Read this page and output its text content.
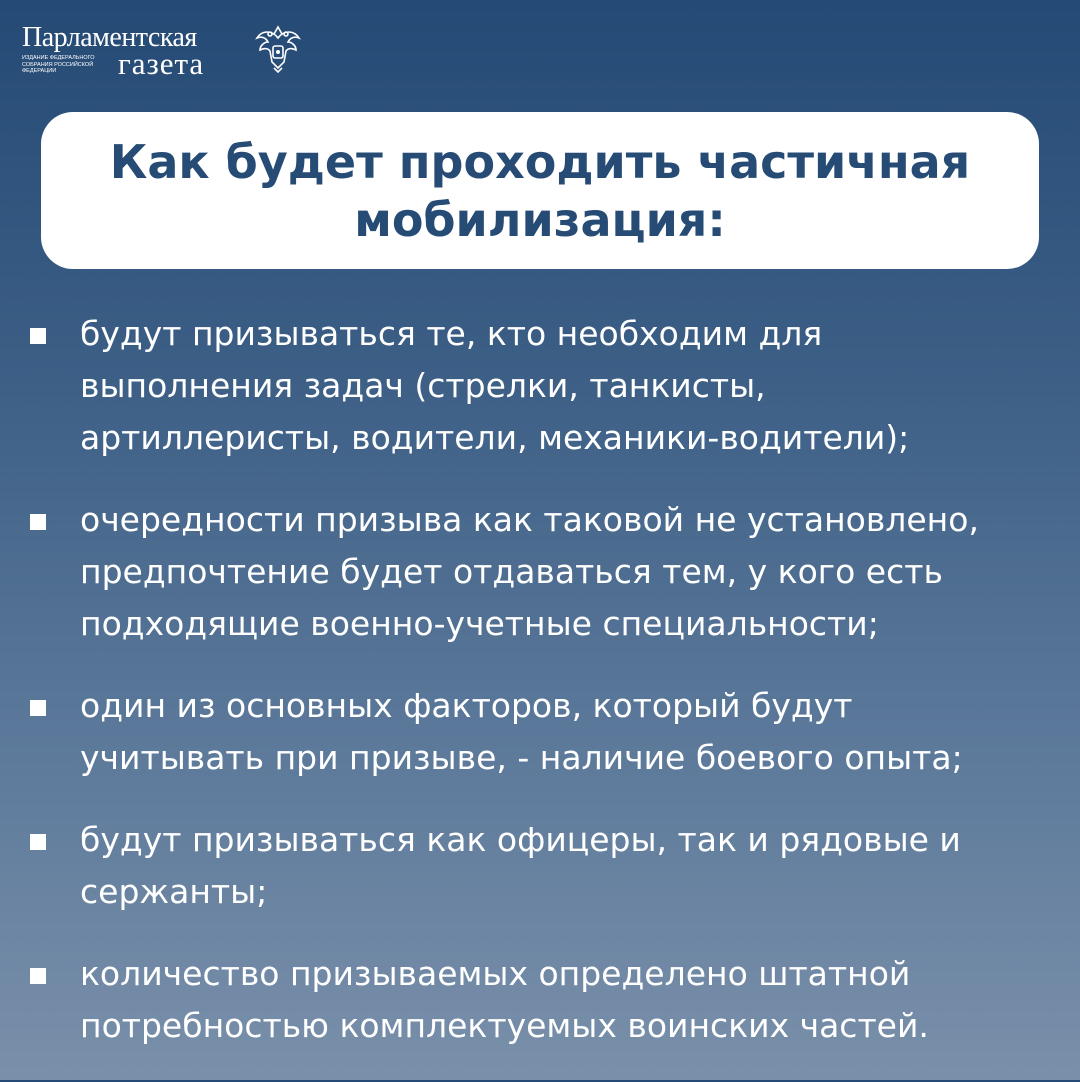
Парламентская
ИЗДАНИЕ ФЕДЕРАЛЬНОГО СОБРАНИЯ РОССИЙСКОЙ ФЕДЕРАЦИИ	газета
Как будет проходить частичная мобилизация:
будут призываться те, кто необходим для
выполнения задач (стрелки, танкисты,
артиллеристы, водители, механики-водители);
очередности призыва как таковой не установлено,
предпочтение будет отдаваться тем, у кого есть
подходящие военно-учетные специальности;
один из основных факторов, который будут
учитывать при призыве, - наличие боевого опыта;
будут призываться как офицеры, так и рядовые и
сержанты;
количество призываемых определено штатной
потребностью комплектуемых воинских частей.
